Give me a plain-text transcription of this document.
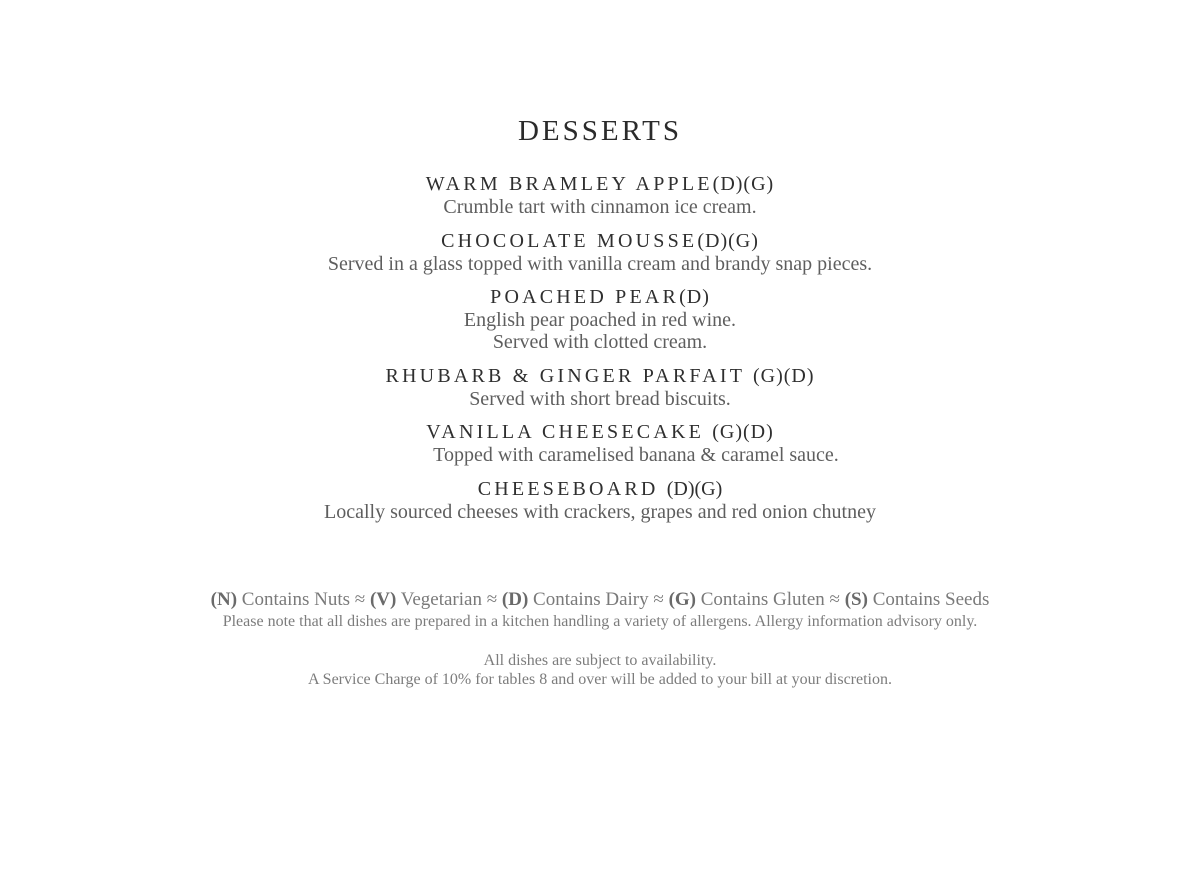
DESSERTS
WARM BRAMLEY APPLE(D)(G)
Crumble tart with cinnamon ice cream.
CHOCOLATE MOUSSE(D)(G)
Served in a glass topped with vanilla cream and brandy snap pieces.
POACHED PEAR(D)
English pear poached in red wine.
Served with clotted cream.
RHUBARB & GINGER PARFAIT (G)(D)
Served with short bread biscuits.
VANILLA CHEESECAKE (G)(D)
Topped with caramelised banana & caramel sauce.
CHEESEBOARD (D)(G)
Locally sourced cheeses with crackers, grapes and red onion chutney
(N) Contains Nuts ≈ (V) Vegetarian ≈ (D) Contains Dairy ≈ (G) Contains Gluten ≈ (S) Contains Seeds
Please note that all dishes are prepared in a kitchen handling a variety of allergens. Allergy information advisory only.
All dishes are subject to availability.
A Service Charge of 10% for tables 8 and over will be added to your bill at your discretion.
